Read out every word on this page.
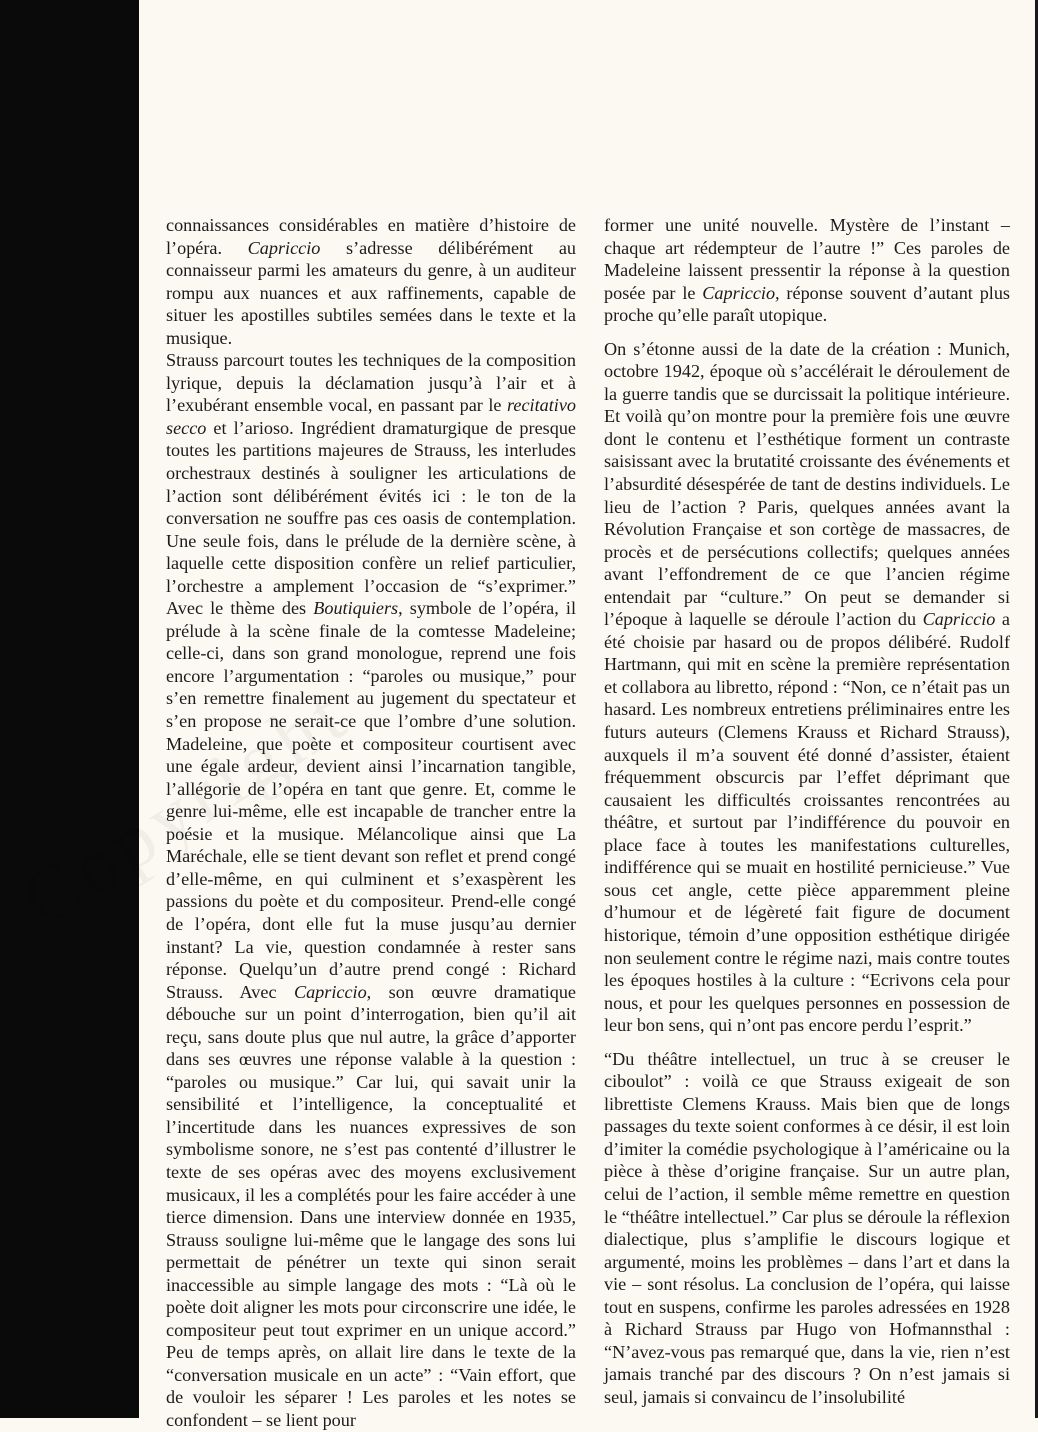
connaissances considérables en matière d’histoire de l’opéra. Capriccio s’adresse délibérément au connaisseur parmi les amateurs du genre, à un auditeur rompu aux nuances et aux raffinements, capable de situer les apostilles subtiles semées dans le texte et la musique.

Strauss parcourt toutes les techniques de la composition lyrique, depuis la déclamation jusqu’à l’air et à l’exubérant ensemble vocal, en passant par le recitativo secco et l’arioso. Ingrédient dramaturgique de presque toutes les partitions majeures de Strauss, les interludes orchestraux destinés à souligner les articulations de l’action sont délibérément évités ici : le ton de la conversation ne souffre pas ces oasis de contemplation. Une seule fois, dans le prélude de la dernière scène, à laquelle cette disposition confère un relief particulier, l’orchestre a amplement l’occasion de “s’exprimer.” Avec le thème des Boutiquiers, symbole de l’opéra, il prélude à la scène finale de la comtesse Madeleine; celle-ci, dans son grand monologue, reprend une fois encore l’argumentation : “paroles ou musique,” pour s’en remettre finalement au jugement du spectateur et s’en propose ne serait-ce que l’ombre d’une solution. Madeleine, que poète et compositeur courtisent avec une égale ardeur, devient ainsi l’incarnation tangible, l’allégorie de l’opéra en tant que genre. Et, comme le genre lui-même, elle est incapable de trancher entre la poésie et la musique. Mélancolique ainsi que La Maréchale, elle se tient devant son reflet et prend congé d’elle-même, en qui culminent et s’exaspèrent les passions du poète et du compositeur. Prend-elle congé de l’opéra, dont elle fut la muse jusqu’au dernier instant? La vie, question condamnée à rester sans réponse. Quelqu’un d’autre prend congé : Richard Strauss. Avec Capriccio, son œuvre dramatique débouche sur un point d’interrogation, bien qu’il ait reçu, sans doute plus que nul autre, la grâce d’apporter dans ses œuvres une réponse valable à la question : “paroles ou musique.” Car lui, qui savait unir la sensibilité et l’intelligence, la conceptualité et l’incertitude dans les nuances expressives de son symbolisme sonore, ne s’est pas contenté d’illustrer le texte de ses opéras avec des moyens exclusivement musicaux, il les a complétés pour les faire accéder à une tierce dimension. Dans une interview donnée en 1935, Strauss souligne lui-même que le langage des sons lui permettait de pénétrer un texte qui sinon serait inaccessible au simple langage des mots : “Là où le poète doit aligner les mots pour circonscrire une idée, le compositeur peut tout exprimer en un unique accord.” Peu de temps après, on allait lire dans le texte de la “conversation musicale en un acte” : “Vain effort, que de vouloir les séparer ! Les paroles et les notes se confondent – se lient pour

former une unité nouvelle. Mystère de l’instant – chaque art rédempteur de l’autre !” Ces paroles de Madeleine laissent pressentir la réponse à la question posée par le Capriccio, réponse souvent d’autant plus proche qu’elle paraît utopique.

On s’étonne aussi de la date de la création : Munich, octobre 1942, époque où s’accélérait le déroulement de la guerre tandis que se durcissait la politique intérieure. Et voilà qu’on montre pour la première fois une œuvre dont le contenu et l’esthétique forment un contraste saisissant avec la brutatité croissante des événements et l’absurdité désespérée de tant de destins individuels. Le lieu de l’action ? Paris, quelques années avant la Révolution Française et son cortège de massacres, de procès et de persécutions collectifs; quelques années avant l’effondrement de ce que l’ancien régime entendait par “culture.” On peut se demander si l’époque à laquelle se déroule l’action du Capriccio a été choisie par hasard ou de propos délibéré. Rudolf Hartmann, qui mit en scène la première représentation et collabora au libretto, répond : “Non, ce n’était pas un hasard. Les nombreux entretiens préliminaires entre les futurs auteurs (Clemens Krauss et Richard Strauss), auxquels il m’a souvent été donné d’assister, étaient fréquemment obscurcis par l’effet déprimant que causaient les difficultés croissantes rencontrées au théâtre, et surtout par l’indifférence du pouvoir en place face à toutes les manifestations culturelles, indifférence qui se muait en hostilité pernicieuse.” Vue sous cet angle, cette pièce apparemment pleine d’humour et de légèreté fait figure de document historique, témoin d’une opposition esthétique dirigée non seulement contre le régime nazi, mais contre toutes les époques hostiles à la culture : “Ecrivons cela pour nous, et pour les quelques personnes en possession de leur bon sens, qui n’ont pas encore perdu l’esprit.”

“Du théâtre intellectuel, un truc à se creuser le ciboulot” : voilà ce que Strauss exigeait de son librettiste Clemens Krauss. Mais bien que de longs passages du texte soient conformes à ce désir, il est loin d’imiter la comédie psychologique à l’américaine ou la pièce à thèse d’origine française. Sur un autre plan, celui de l’action, il semble même remettre en question le “théâtre intellectuel.” Car plus se déroule la réflexion dialectique, plus s’amplifie le discours logique et argumenté, moins les problèmes – dans l’art et dans la vie – sont résolus. La conclusion de l’opéra, qui laisse tout en suspens, confirme les paroles adressées en 1928 à Richard Strauss par Hugo von Hofmannsthal : “N’avez-vous pas remarqué que, dans la vie, rien n’est jamais tranché par des discours ? On n’est jamais si seul, jamais si convaincu de l’insolubilité
